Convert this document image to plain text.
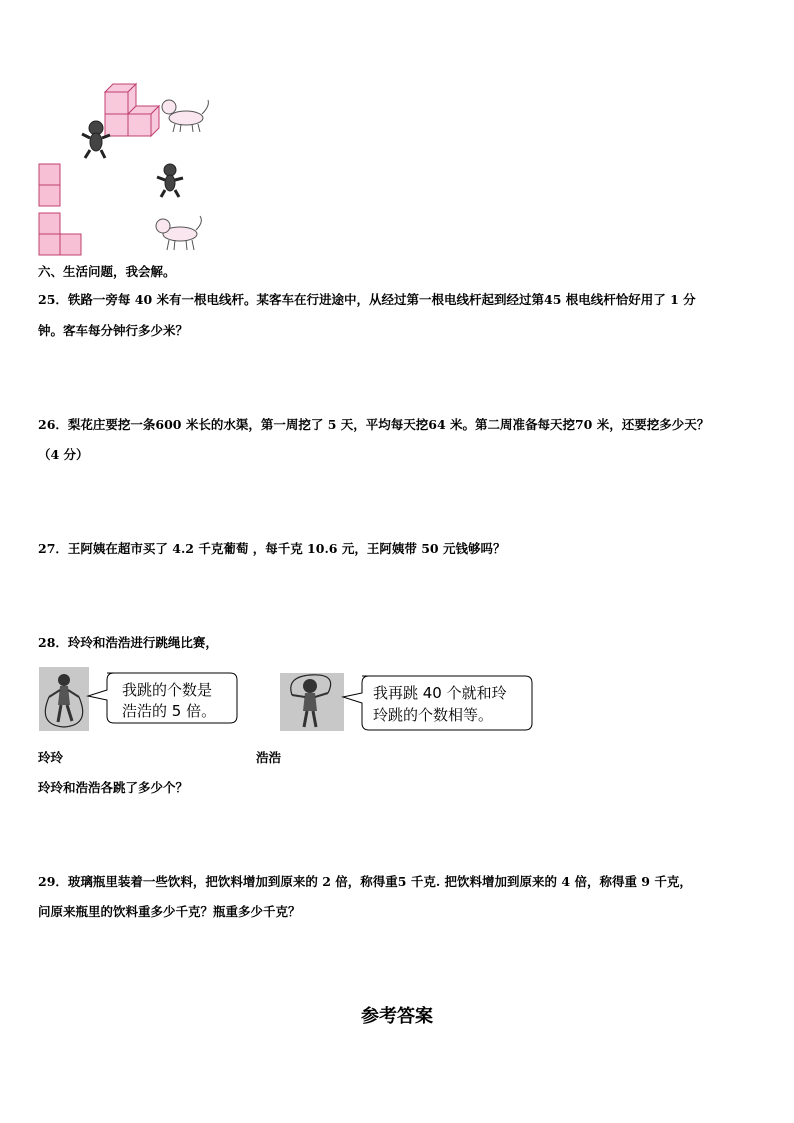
六、生活问题，我会解。
25．铁路一旁每 40 米有一根电线杆。某客车在行进途中，从经过第一根电线杆起到经过第45 根电线杆恰好用了 1 分
钟。客车每分钟行多少米？
26．梨花庄要挖一条600 米长的水渠，第一周挖了 5 天，平均每天挖64 米。第二周准备每天挖70 米，还要挖多少天？
（4 分）
27．王阿姨在超市买了 4.2 千克葡萄 ，每千克 10.6 元，王阿姨带 50 元钱够吗？
28．玲玲和浩浩进行跳绳比赛，
我跳的个数是
浩浩的 5 倍。
我再跳 40 个就和玲
玲跳的个数相等。
玲玲	浩浩
玲玲和浩浩各跳了多少个？
29．玻璃瓶里装着一些饮料，把饮料增加到原来的 2 倍，称得重5 千克. 把饮料增加到原来的 4 倍，称得重 9 千克，
问原来瓶里的饮料重多少千克？瓶重多少千克？
参考答案
